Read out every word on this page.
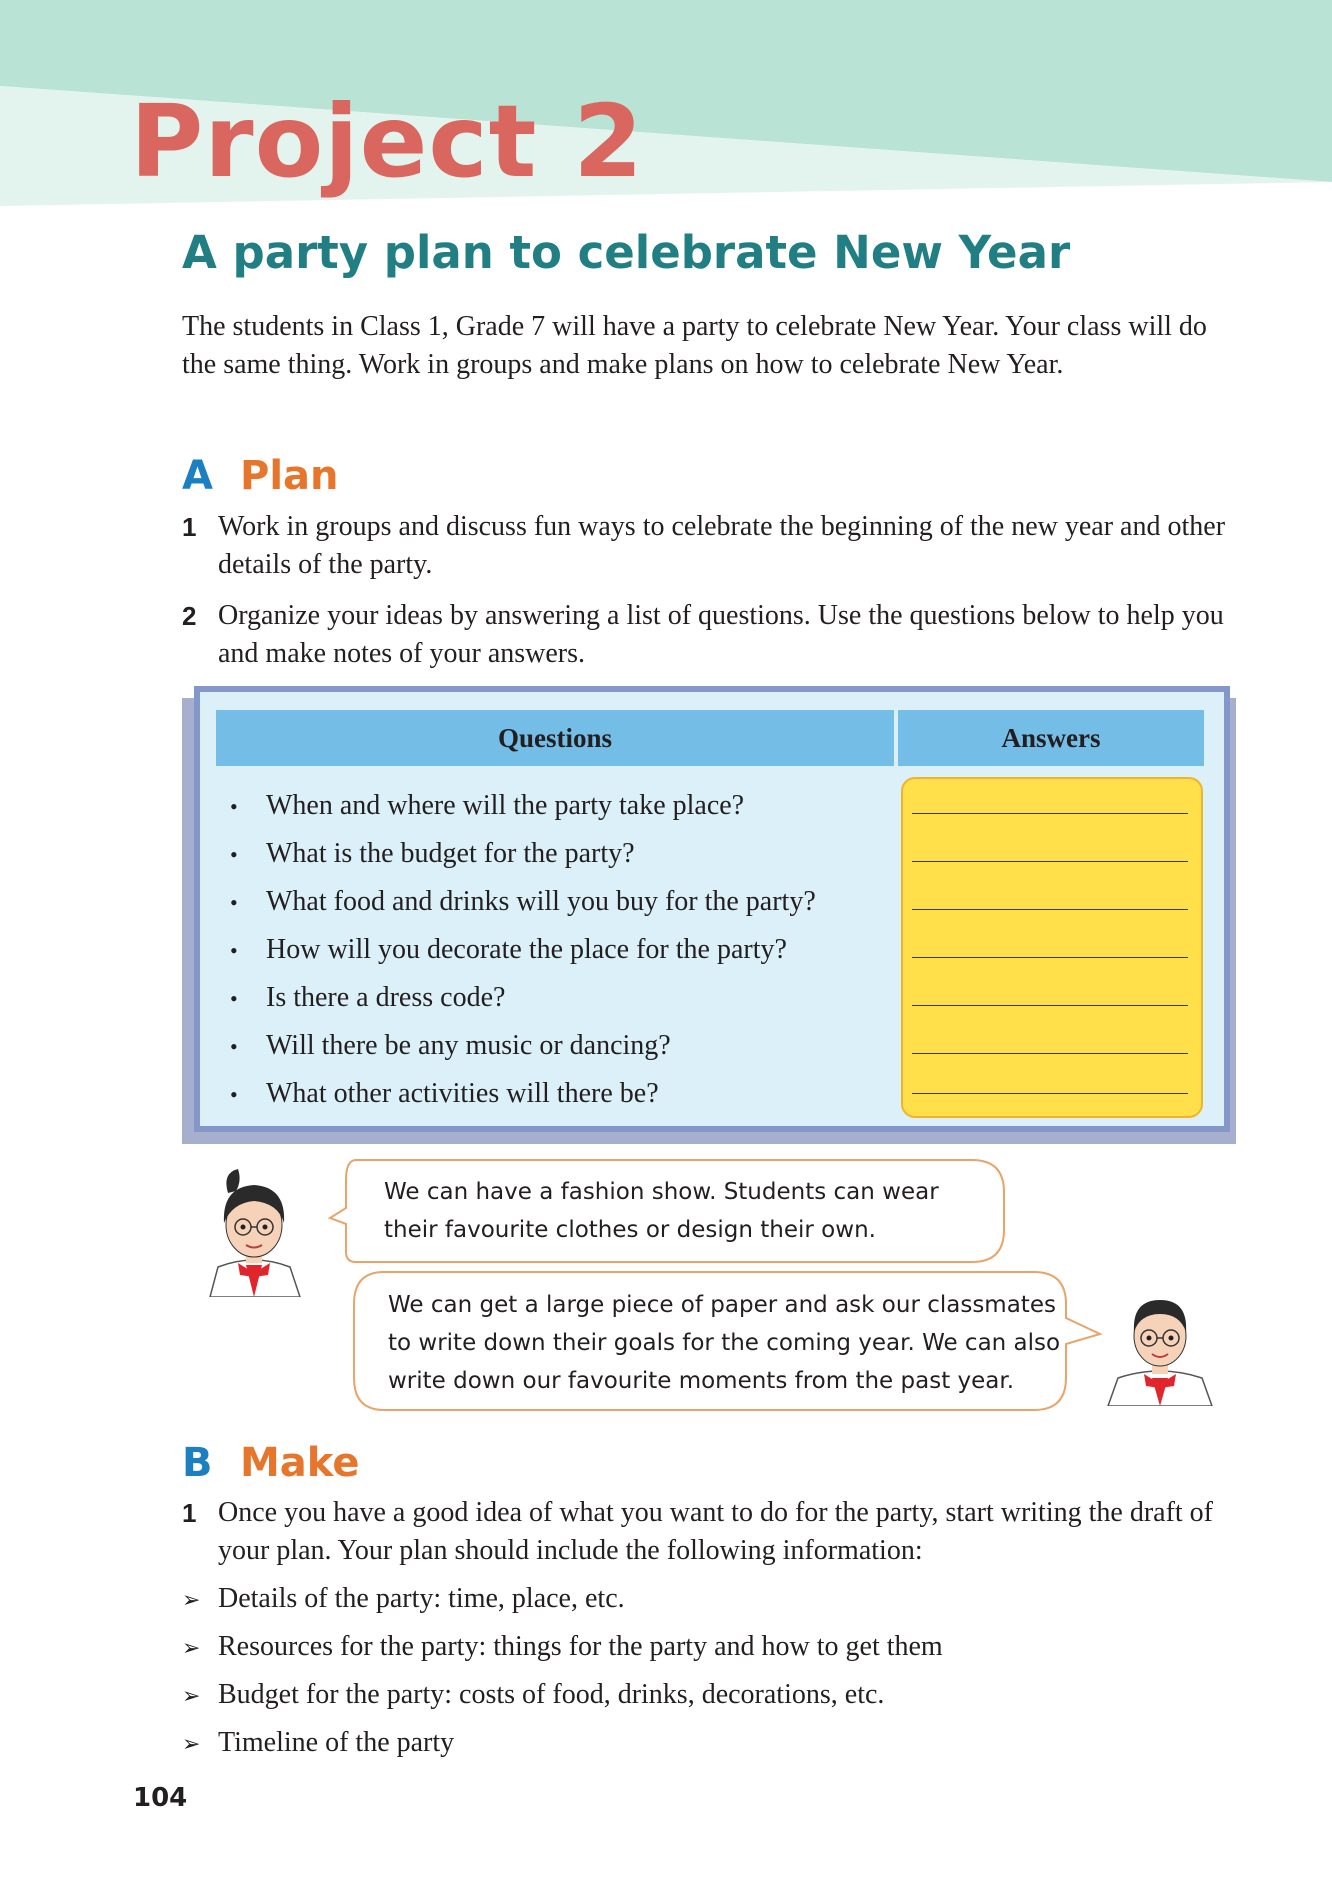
Project 2
A party plan to celebrate New Year
The students in Class 1, Grade 7 will have a party to celebrate New Year. Your class will do the same thing. Work in groups and make plans on how to celebrate New Year.
A Plan
1 Work in groups and discuss fun ways to celebrate the beginning of the new year and other details of the party.
2 Organize your ideas by answering a list of questions. Use the questions below to help you and make notes of your answers.
Questions	Answers
• When and where will the party take place?
• What is the budget for the party?
• What food and drinks will you buy for the party?
• How will you decorate the place for the party?
• Is there a dress code?
• Will there be any music or dancing?
• What other activities will there be?
We can have a fashion show. Students can wear their favourite clothes or design their own.
We can get a large piece of paper and ask our classmates to write down their goals for the coming year. We can also write down our favourite moments from the past year.
B Make
1 Once you have a good idea of what you want to do for the party, start writing the draft of your plan. Your plan should include the following information:
➢ Details of the party: time, place, etc.
➢ Resources for the party: things for the party and how to get them
➢ Budget for the party: costs of food, drinks, decorations, etc.
➢ Timeline of the party
104
